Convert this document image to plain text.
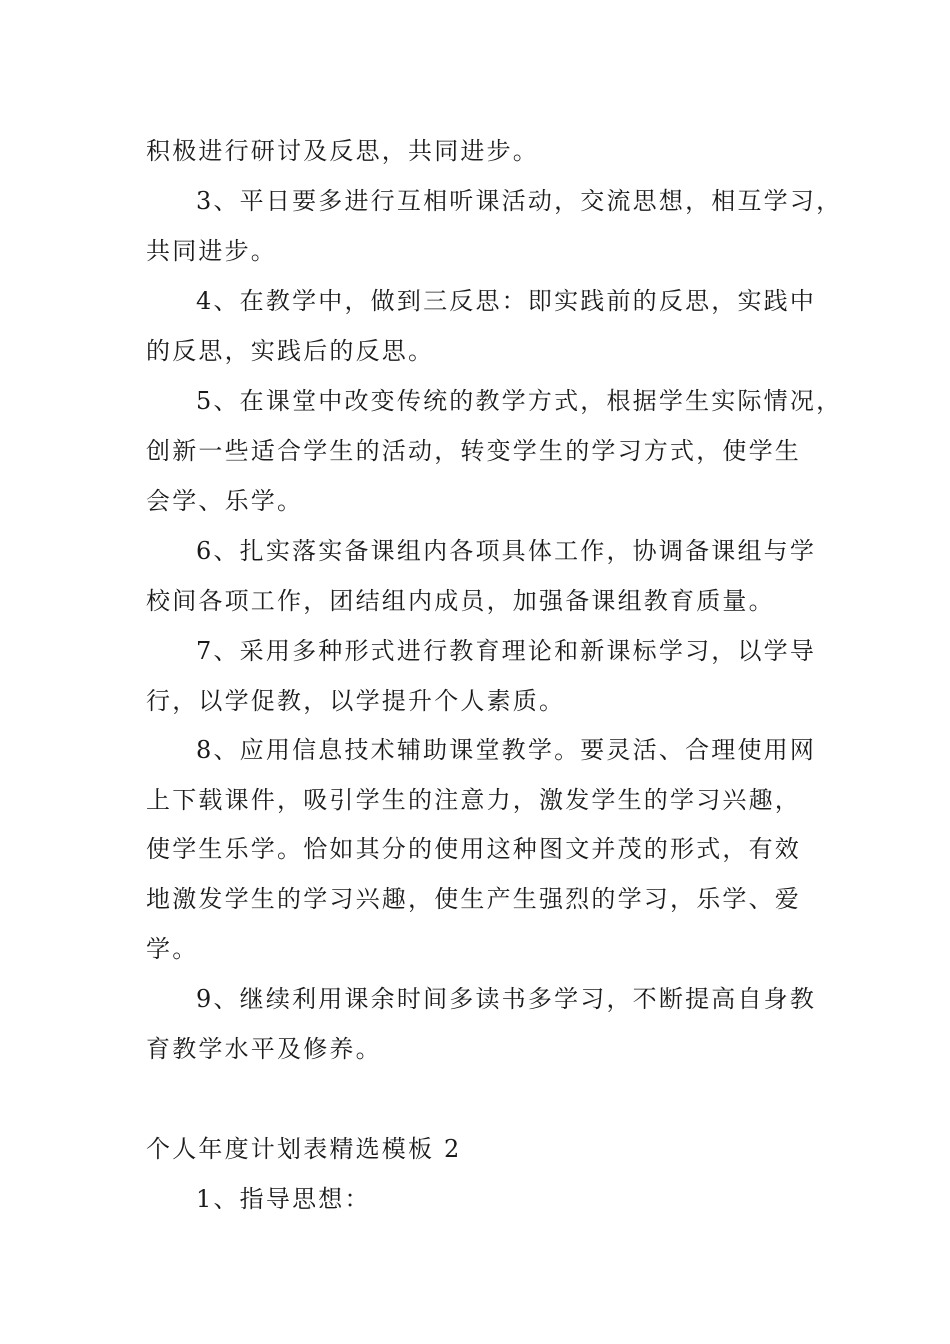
积极进行研讨及反思，共同进步。
3、平日要多进行互相听课活动，交流思想，相互学习，
共同进步。
4、在教学中，做到三反思：即实践前的反思，实践中
的反思，实践后的反思。
5、在课堂中改变传统的教学方式，根据学生实际情况，
创新一些适合学生的活动，转变学生的学习方式，使学生
会学、乐学。
6、扎实落实备课组内各项具体工作，协调备课组与学
校间各项工作，团结组内成员，加强备课组教育质量。
7、采用多种形式进行教育理论和新课标学习，以学导
行，以学促教，以学提升个人素质。
8、应用信息技术辅助课堂教学。要灵活、合理使用网
上下载课件，吸引学生的注意力，激发学生的学习兴趣，
使学生乐学。恰如其分的使用这种图文并茂的形式，有效
地激发学生的学习兴趣，使生产生强烈的学习，乐学、爱
学。
9、继续利用课余时间多读书多学习，不断提高自身教
育教学水平及修养。
个人年度计划表精选模板 2
1、指导思想：
